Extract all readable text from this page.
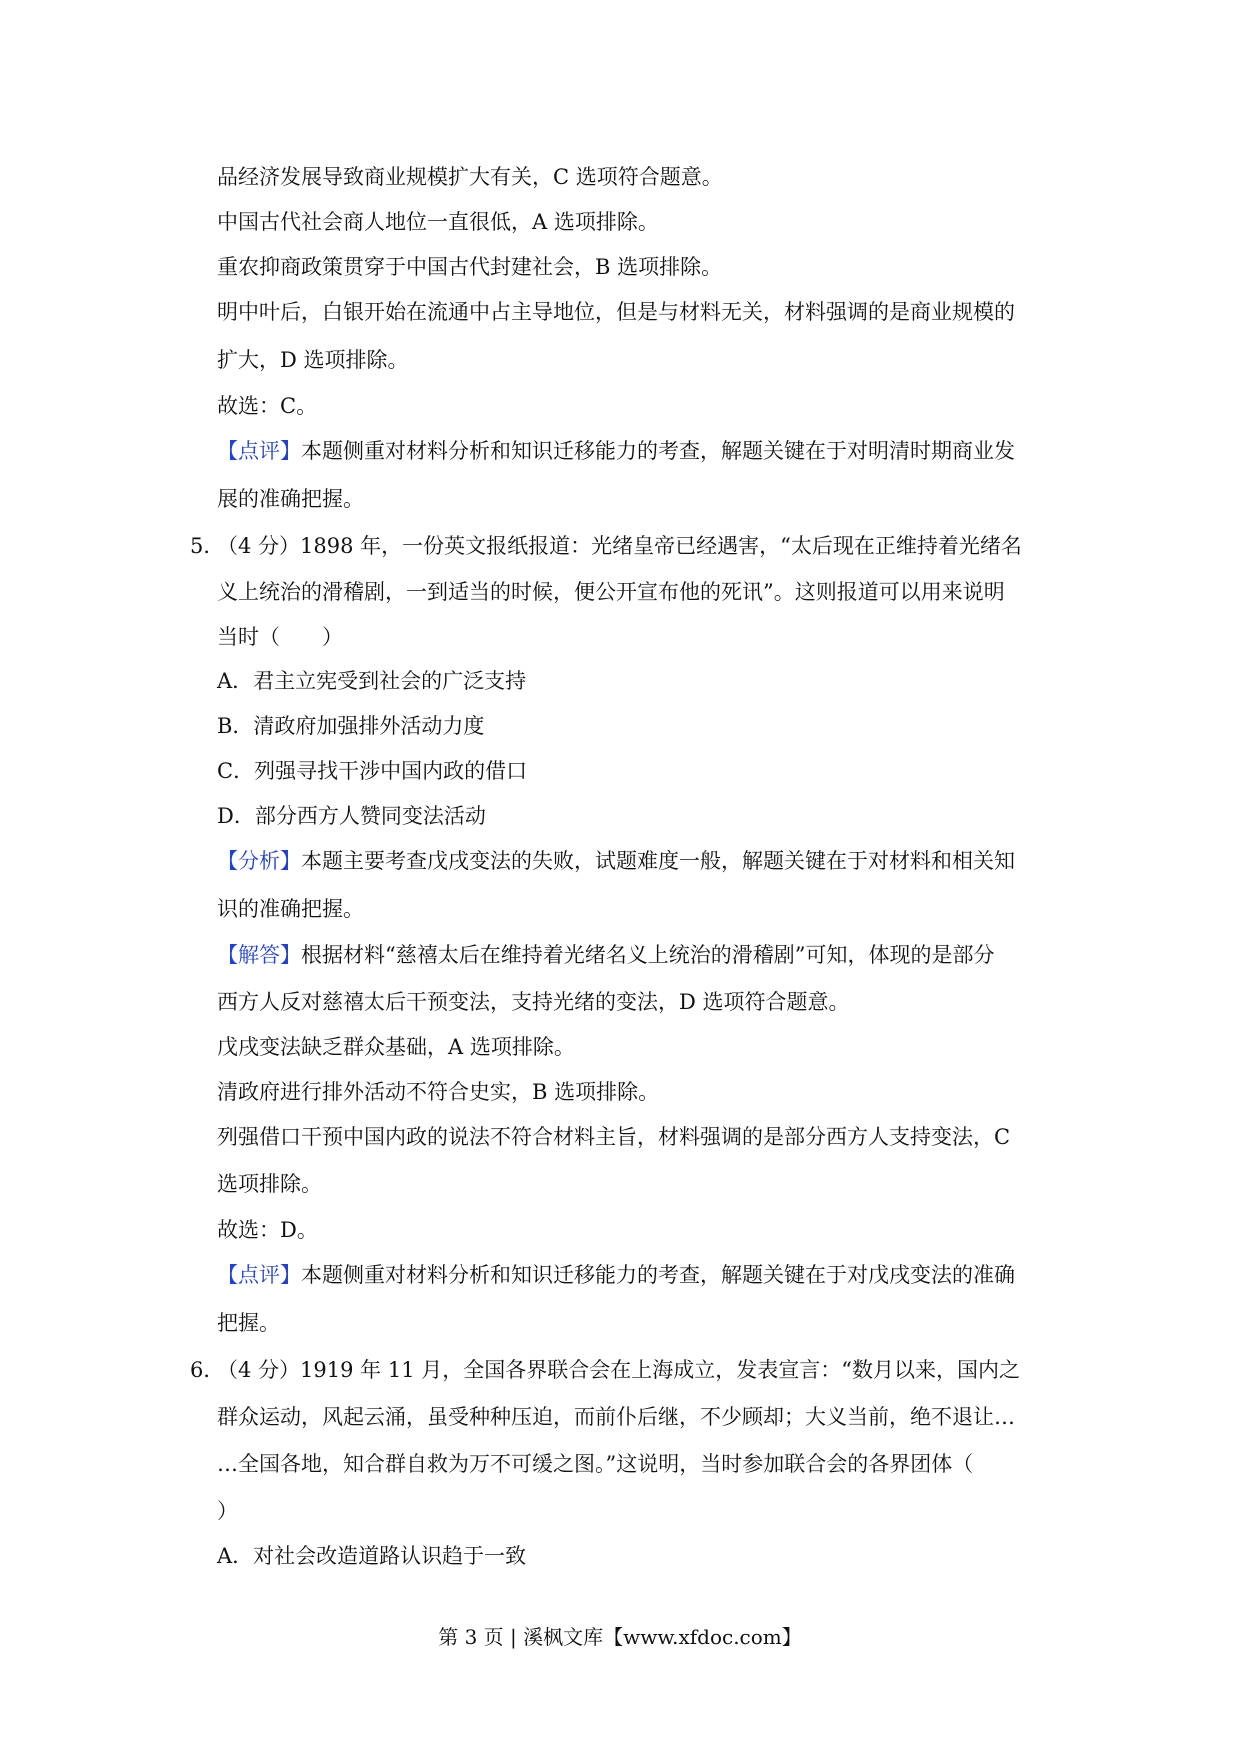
品经济发展导致商业规模扩大有关，C 选项符合题意。
中国古代社会商人地位一直很低，A 选项排除。
重农抑商政策贯穿于中国古代封建社会，B 选项排除。
明中叶后，白银开始在流通中占主导地位，但是与材料无关，材料强调的是商业规模的
扩大，D 选项排除。
故选：C。
【点评】本题侧重对材料分析和知识迁移能力的考查，解题关键在于对明清时期商业发
展的准确把握。
5．
（4 分）1898 年，一份英文报纸报道：光绪皇帝已经遇害，“太后现在正维持着光绪名
义上统治的滑稽剧，一到适当的时候，便公开宣布他的死讯”。这则报道可以用来说明
当时（　　）
A．君主立宪受到社会的广泛支持
B．清政府加强排外活动力度
C．列强寻找干涉中国内政的借口
D．部分西方人赞同变法活动
【分析】本题主要考查戊戌变法的失败，试题难度一般，解题关键在于对材料和相关知
识的准确把握。
【解答】根据材料“慈禧太后在维持着光绪名义上统治的滑稽剧”可知，体现的是部分
西方人反对慈禧太后干预变法，支持光绪的变法，D 选项符合题意。
戊戌变法缺乏群众基础，A 选项排除。
清政府进行排外活动不符合史实，B 选项排除。
列强借口干预中国内政的说法不符合材料主旨，材料强调的是部分西方人支持变法，C
选项排除。
故选：D。
【点评】本题侧重对材料分析和知识迁移能力的考查，解题关键在于对戊戌变法的准确
把握。
6．
（4 分）1919 年 11 月，全国各界联合会在上海成立，发表宣言：“数月以来，国内之
群众运动，风起云涌，虽受种种压迫，而前仆后继，不少顾却；大义当前，绝不退让…
…全国各地，知合群自救为万不可缓之图。”这说明，当时参加联合会的各界团体（
）
A．对社会改造道路认识趋于一致
第 3 页 | 溪枫文库【www.xfdoc.com】
